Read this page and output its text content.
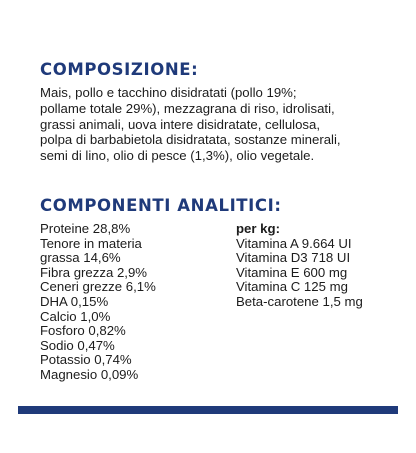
COMPOSIZIONE:

Mais, pollo e tacchino disidratati (pollo 19%;
pollame totale 29%), mezzagrana di riso, idrolisati,
grassi animali, uova intere disidratate, cellulosa,
polpa di barbabietola disidratata, sostanze minerali,
semi di lino, olio di pesce (1,3%), olio vegetale.

COMPONENTI ANALITICI:
Proteine 28,8%
Tenore in materia
grassa 14,6%
Fibra grezza 2,9%
Ceneri grezze 6,1%
DHA 0,15%
Calcio 1,0%
Fosforo 0,82%
Sodio 0,47%
Potassio 0,74%
Magnesio 0,09%
per kg:
Vitamina A 9.664 UI
Vitamina D3 718 UI
Vitamina E 600 mg
Vitamina C 125 mg
Beta-carotene 1,5 mg
